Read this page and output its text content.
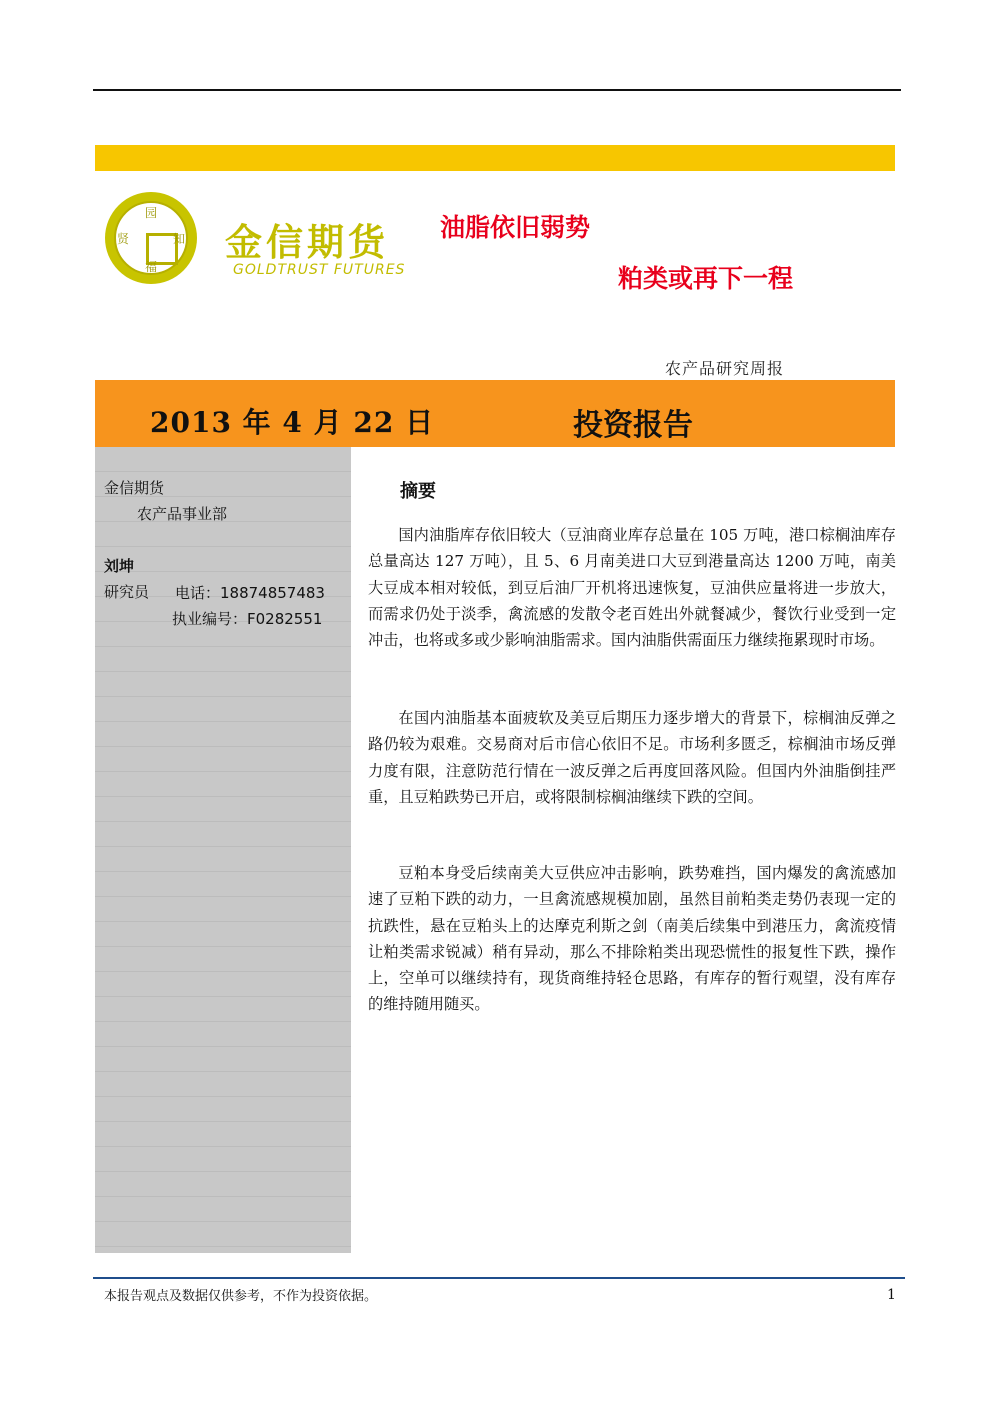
园
知
福
贤	金信期货
GOLDTRUST FUTURES
油脂依旧弱势
粕类或再下一程
农产品研究周报
2013 年 4 月 22 日	投资报告
金信期货
农产品事业部
刘坤
研究员 电话：18874857483
执业编号：F0282551
摘要

国内油脂库存依旧较大（豆油商业库存总量在 105 万吨，港口棕榈油库存总量高达 127 万吨），且 5、6 月南美进口大豆到港量高达 1200 万吨，南美大豆成本相对较低，到豆后油厂开机将迅速恢复，豆油供应量将进一步放大，而需求仍处于淡季，禽流感的发散令老百姓出外就餐减少，餐饮行业受到一定冲击，也将或多或少影响油脂需求。国内油脂供需面压力继续拖累现时市场。

在国内油脂基本面疲软及美豆后期压力逐步增大的背景下，棕榈油反弹之路仍较为艰难。交易商对后市信心依旧不足。市场利多匮乏，棕榈油市场反弹力度有限，注意防范行情在一波反弹之后再度回落风险。但国内外油脂倒挂严重，且豆粕跌势已开启，或将限制棕榈油继续下跌的空间。

豆粕本身受后续南美大豆供应冲击影响，跌势难挡，国内爆发的禽流感加速了豆粕下跌的动力，一旦禽流感规模加剧，虽然目前粕类走势仍表现一定的抗跌性，悬在豆粕头上的达摩克利斯之剑（南美后续集中到港压力，禽流疫情让粕类需求锐减）稍有异动，那么不排除粕类出现恐慌性的报复性下跌，操作上，空单可以继续持有，现货商维持轻仓思路，有库存的暂行观望，没有库存的维持随用随买。

本报告观点及数据仅供参考，不作为投资依据。	1
